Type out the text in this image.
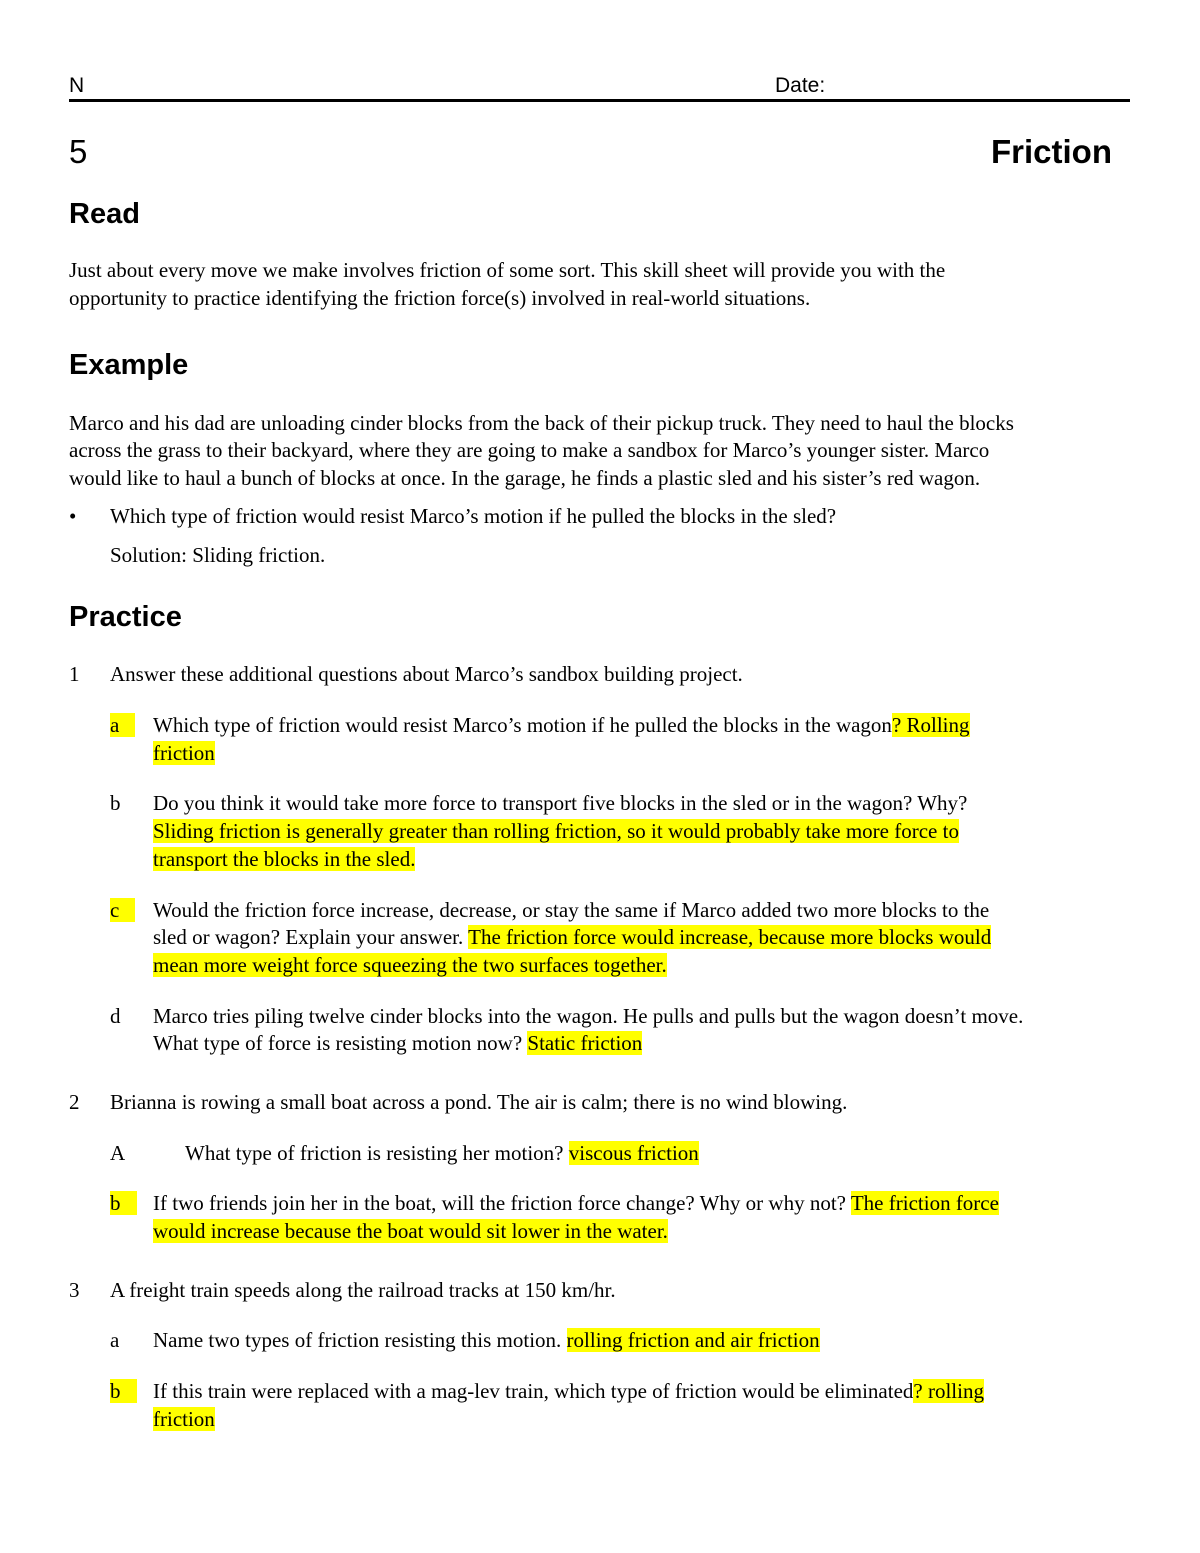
N	Date:
5	Friction
Read
Just about every move we make involves friction of some sort. This skill sheet will provide you with the
opportunity to practice identifying the friction force(s) involved in real-world situations.
Example
Marco and his dad are unloading cinder blocks from the back of their pickup truck. They need to haul the blocks
across the grass to their backyard, where they are going to make a sandbox for Marco’s younger sister. Marco
would like to haul a bunch of blocks at once. In the garage, he finds a plastic sled and his sister’s red wagon.
• Which type of friction would resist Marco’s motion if he pulled the blocks in the sled?
Solution: Sliding friction.
Practice
1 Answer these additional questions about Marco’s sandbox building project.
a	Which type of friction would resist Marco’s motion if he pulled the blocks in the wagon? Rolling
friction
b Do you think it would take more force to transport five blocks in the sled or in the wagon? Why?
Sliding friction is generally greater than rolling friction, so it would probably take more force to
transport the blocks in the sled.
c	Would the friction force increase, decrease, or stay the same if Marco added two more blocks to the
sled or wagon? Explain your answer. The friction force would increase, because more blocks would
mean more weight force squeezing the two surfaces together.
d Marco tries piling twelve cinder blocks into the wagon. He pulls and pulls but the wagon doesn’t move.
What type of force is resisting motion now? Static friction
2 Brianna is rowing a small boat across a pond. The air is calm; there is no wind blowing.
A	What type of friction is resisting her motion? viscous friction
b	If two friends join her in the boat, will the friction force change? Why or why not? The friction force
would increase because the boat would sit lower in the water.
3 A freight train speeds along the railroad tracks at 150 km/hr.
a Name two types of friction resisting this motion. rolling friction and air friction
b	If this train were replaced with a mag-lev train, which type of friction would be eliminated? rolling
friction
